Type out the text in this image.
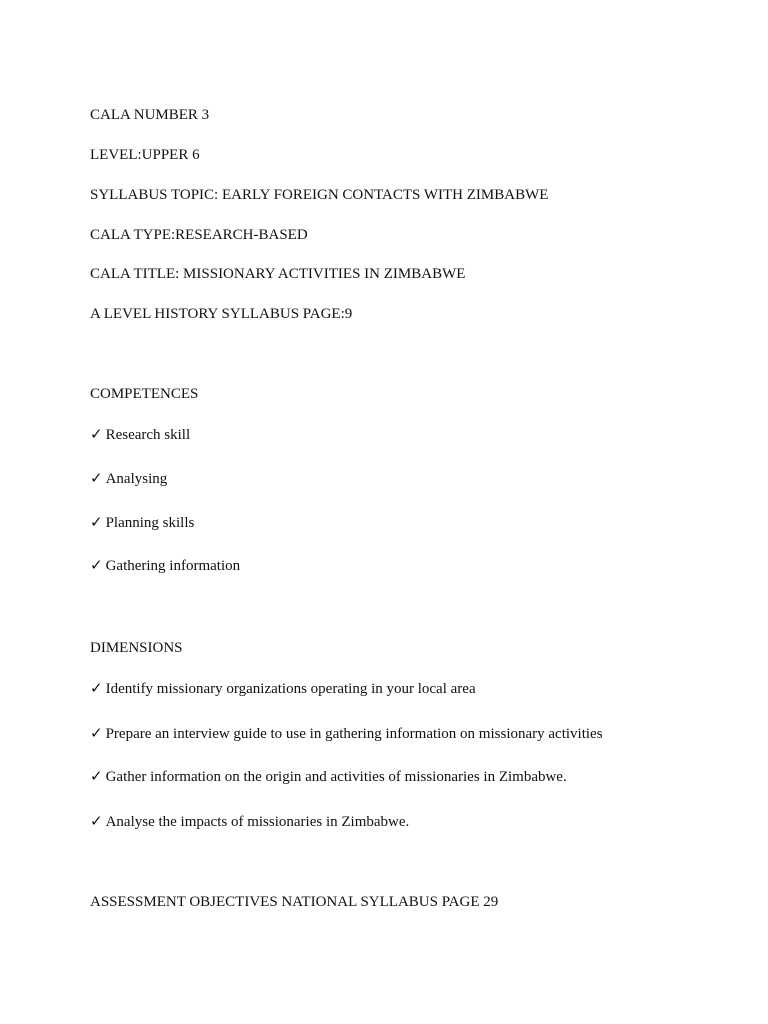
CALA NUMBER 3
LEVEL:UPPER 6
SYLLABUS TOPIC: EARLY FOREIGN CONTACTS WITH ZIMBABWE
CALA TYPE:RESEARCH-BASED
CALA TITLE: MISSIONARY ACTIVITIES IN ZIMBABWE
A LEVEL HISTORY SYLLABUS PAGE:9
COMPETENCES
✓ Research skill
✓ Analysing
✓ Planning skills
✓ Gathering information
DIMENSIONS
✓ Identify missionary organizations operating in your local area
✓ Prepare an interview guide to use in gathering information on missionary activities
✓ Gather information on the origin and activities of missionaries in Zimbabwe.
✓ Analyse the impacts of missionaries in Zimbabwe.
ASSESSMENT OBJECTIVES NATIONAL SYLLABUS PAGE 29
